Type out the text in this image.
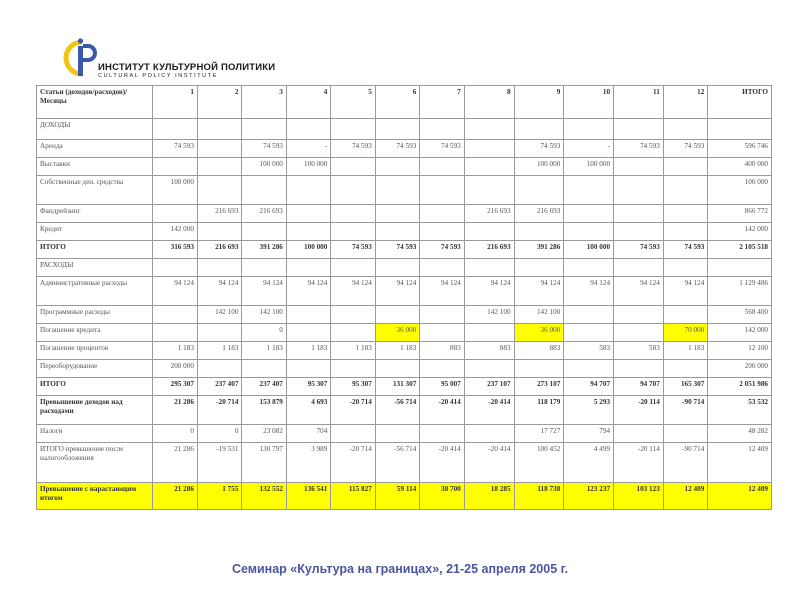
ИНСТИТУТ КУЛЬТУРНОЙ ПОЛИТИКИ
CULTURAL POLICY INSTITUTE
Статьи (доходов/расходов)/Месяцы	1	2	3	4	5	6	7	8	9	10	11	12	ИТОГО
ДОХОДЫ													
Аренда	74 593		74 593	-	74 593	74 593	74 593		74 593	-	74 593	74 593	596 746
Выставки			100 000	100 000					100 000	100 000			400 000
Собственные ден. средства	100 000												100 000
Фандрейзинг		216 693	216 693					216 693	216 693				866 772
Кредит	142 000												142 000
ИТОГО	316 593	216 693	391 286	100 000	74 593	74 593	74 593	216 693	391 286	100 000	74 593	74 593	2 105 518
РАСХОДЫ													
Административные расходы	94 124	94 124	94 124	94 124	94 124	94 124	94 124	94 124	94 124	94 124	94 124	94 124	1 129 486
Программные расходы		142 100	142 100					142 100	142 100				568 400
Погашение кредита			0			36 000			36 000			70 000	142 000
Погашение процентов	1 183	1 183	1 183	1 183	1 183	1 183	883	883	883	583	583	1 183	12 100
Переоборудование	200 000												200 000
ИТОГО	295 307	237 407	237 407	95 307	95 307	131 307	95 007	237 107	273 107	94 707	94 707	165 307	2 051 986
Превышение доходов над расходами	21 286	-20 714	153 879	4 693	-20 714	-56 714	-20 414	-20 414	118 179	5 293	-20 114	-90 714	53 532
Налоги	0	0	23 082	704					17 727	794			48 282
ИТОГО превышение после налогообложения	21 286	-19 531	130 797	3 989	-20 714	-56 714	-20 414	-20 414	100 452	4 499	-20 114	-90 714	12 409
Превышение с нарастающим итогом	21 286	1 755	132 552	136 541	115 827	59 114	38 700	18 285	118 738	123 237	103 123	12 409	12 409
Семинар «Культура на границах», 21-25 апреля 2005 г.
